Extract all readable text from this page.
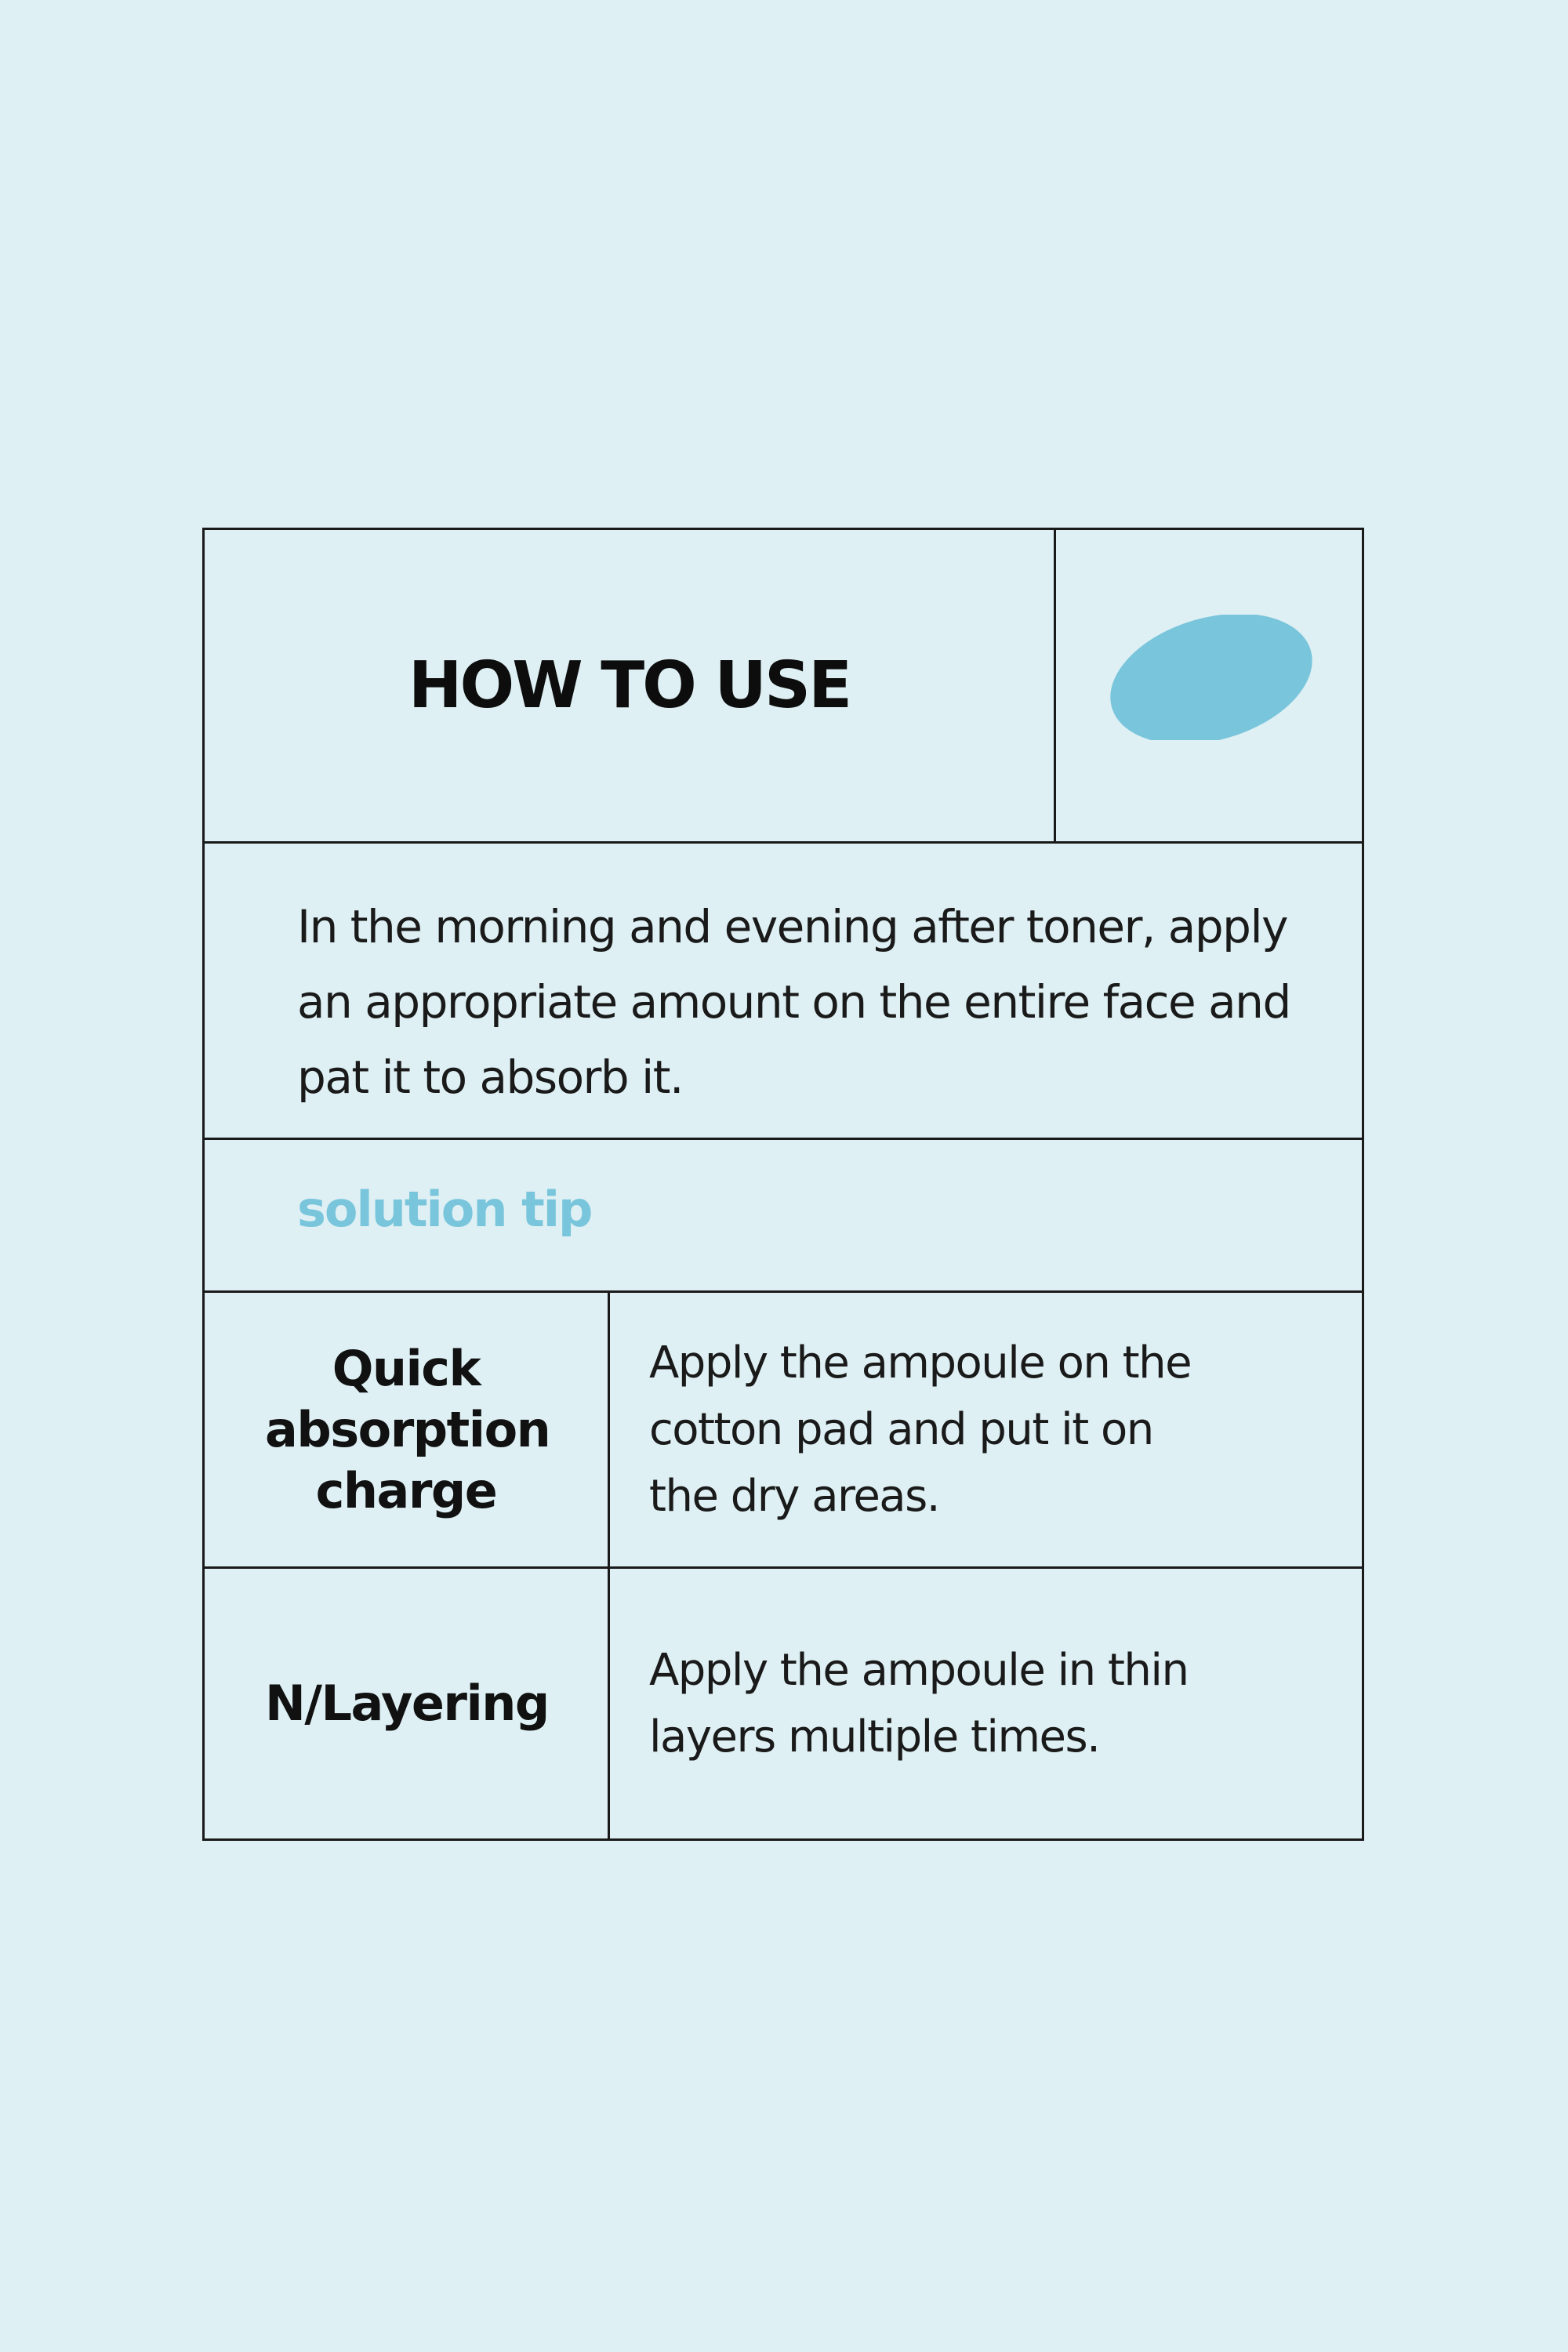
HOW TO USE

In the morning and evening after toner, apply an appropriate amount on the entire face and pat it to absorb it.

solution tip

Quick absorption charge

Apply the ampoule on the cotton pad and put it on the dry areas.

N/Layering

Apply the ampoule in thin layers multiple times.
